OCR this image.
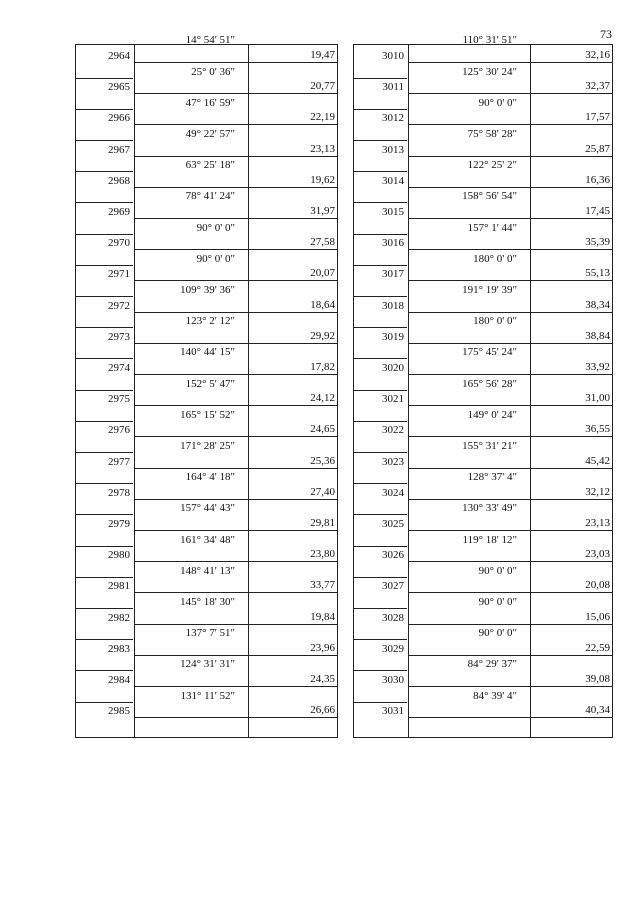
73
2964
14° 54' 51"
19,47
2965
25° 0' 36"
20,77
2966
47° 16' 59"
22,19
2967
49° 22' 57"
23,13
2968
63° 25' 18"
19,62
2969
78° 41' 24"
31,97
2970
90° 0' 0"
27,58
2971
90° 0' 0"
20,07
2972
109° 39' 36"
18,64
2973
123° 2' 12"
29,92
2974
140° 44' 15"
17,82
2975
152° 5' 47"
24,12
2976
165° 15' 52"
24,65
2977
171° 28' 25"
25,36
2978
164° 4' 18"
27,40
2979
157° 44' 43"
29,81
2980
161° 34' 48"
23,80
2981
148° 41' 13"
33,77
2982
145° 18' 30"
19,84
2983
137° 7' 51"
23,96
2984
124° 31' 31"
24,35
2985
131° 11' 52"
26,66
3010
110° 31' 51"
32,16
3011
125° 30' 24"
32,37
3012
90° 0' 0"
17,57
3013
75° 58' 28"
25,87
3014
122° 25' 2"
16,36
3015
158° 56' 54"
17,45
3016
157° 1' 44"
35,39
3017
180° 0' 0"
55,13
3018
191° 19' 39"
38,34
3019
180° 0' 0"
38,84
3020
175° 45' 24"
33,92
3021
165° 56' 28"
31,00
3022
149° 0' 24"
36,55
3023
155° 31' 21"
45,42
3024
128° 37' 4"
32,12
3025
130° 33' 49"
23,13
3026
119° 18' 12"
23,03
3027
90° 0' 0"
20,08
3028
90° 0' 0"
15,06
3029
90° 0' 0"
22,59
3030
84° 29' 37"
39,08
3031
84° 39' 4"
40,34
